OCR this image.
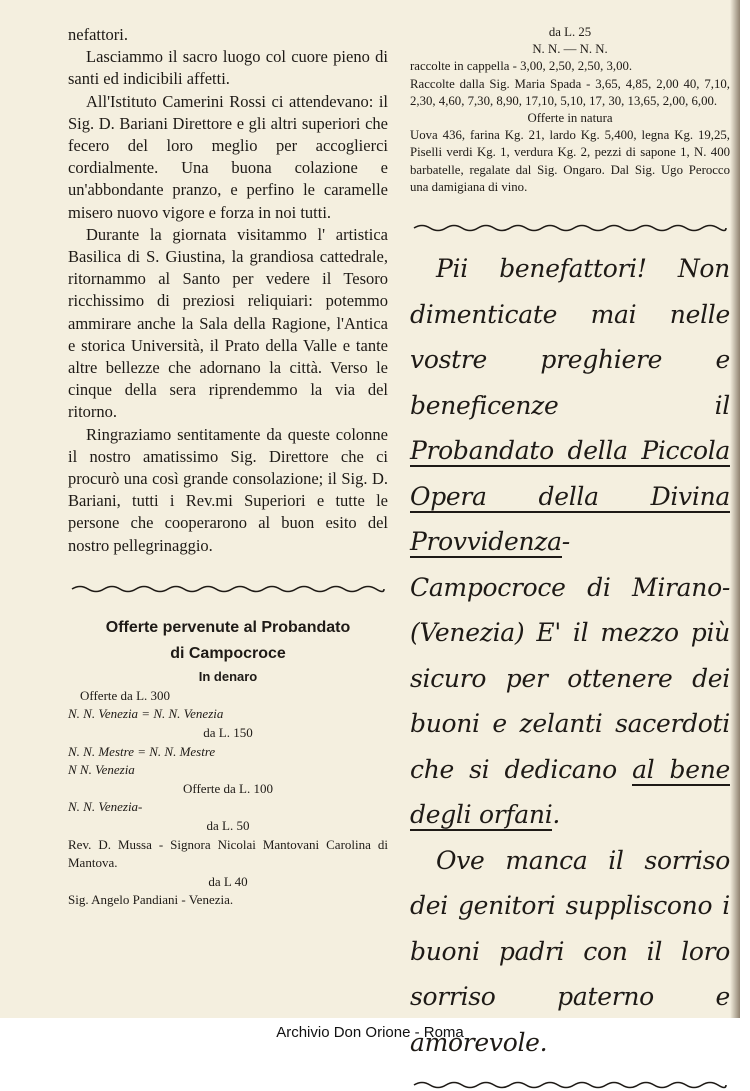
nefattori.

Lasciammo il sacro luogo col cuore pieno di santi ed indicibili affetti.

All'Istituto Camerini Rossi ci attendevano: il Sig. D. Bariani Direttore e gli altri superiori che fecero del loro meglio per accoglierci cordialmente. Una buona colazione e un'abbondante pranzo, e perfino le caramelle misero nuovo vigore e forza in noi tutti.

Durante la giornata visitammo l' artistica Basilica di S. Giustina, la grandiosa cattedrale, ritornammo al Santo per vedere il Tesoro ricchissimo di preziosi reliquiari: potemmo ammirare anche la Sala della Ragione, l'Antica e storica Università, il Prato della Valle e tante altre bellezze che adornano la città. Verso le cinque della sera riprendemmo la via del ritorno.

Ringraziamo sentitamente da queste colonne il nostro amatissimo Sig. Direttore che ci procurò una così grande consolazione; il Sig. D. Bariani, tutti i Rev.mi Superiori e tutte le persone che cooperarono al buon esito del nostro pellegrinaggio.

Offerte pervenute al Probandato

di Campocroce

In denaro

Offerte da L. 300

N. N. Venezia = N. N. Venezia

da L. 150

N. N. Mestre = N. N. Mestre

N N. Venezia

Offerte da L. 100

N. N. Venezia-

da L. 50

Rev. D. Mussa - Signora Nicolai Mantovani Carolina di Mantova.

da L 40

Sig. Angelo Pandiani - Venezia.

da L. 25

N. N. — N. N.

raccolte in cappella - 3,00, 2,50, 2,50, 3,00.

Raccolte dalla Sig. Maria Spada - 3,65, 4,85, 2,00 40, 7,10, 2,30, 4,60, 7,30, 8,90, 17,10, 5,10, 17, 30, 13,65, 2,00, 6,00.

Offerte in natura

Uova 436, farina Kg. 21, lardo Kg. 5,400, legna Kg. 19,25, Piselli verdi Kg. 1, verdura Kg. 2, pezzi di sapone 1, N. 400 barbatelle, regalate dal Sig. Ongaro. Dal Sig. Ugo Perocco una damigiana di vino.

Pii benefattori! Non dimenticate mai nelle vostre preghiere e beneficenze il Probandato della Piccola Opera della Divina Provvidenza- Campocroce di Mirano- (Venezia) E' il mezzo più sicuro per ottenere dei buoni e zelanti sacerdoti che si dedicano al bene degli orfani.

Ove manca il sorriso dei genitori suppliscono i buoni padri con il loro sorriso paterno e amorevole.

Archivio Don Orione - Roma
